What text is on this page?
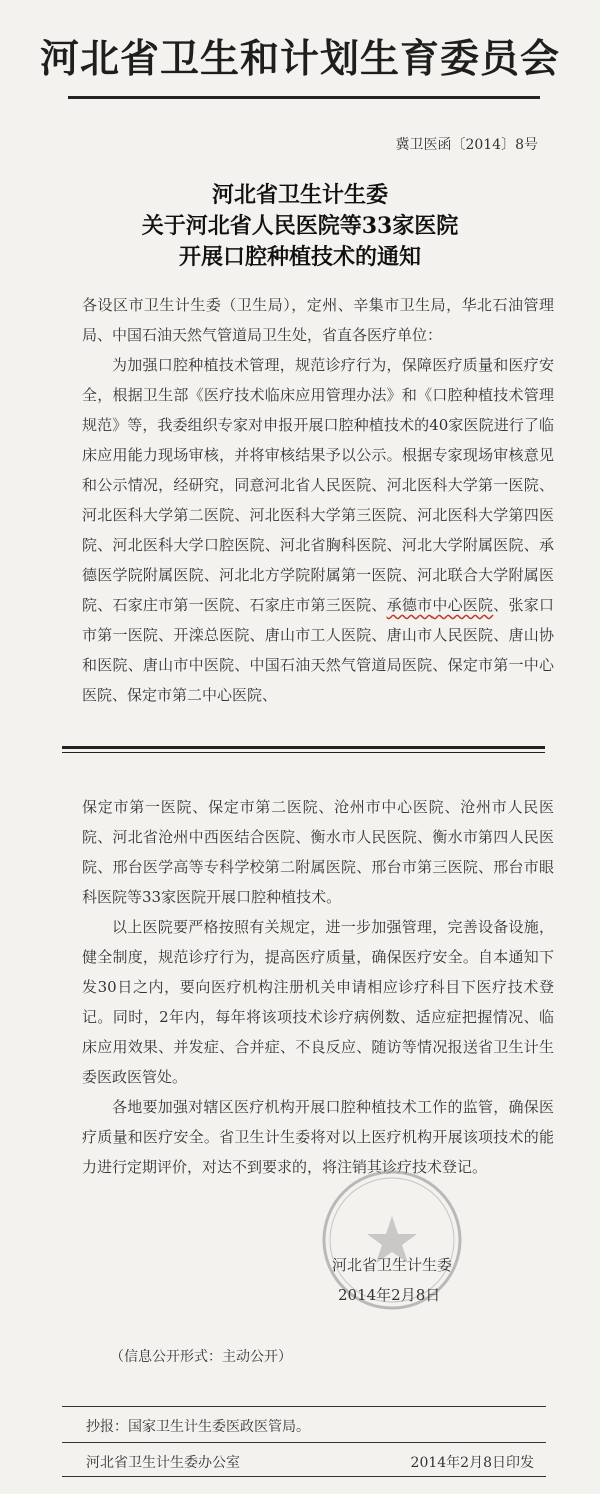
河北省卫生和计划生育委员会
冀卫医函〔2014〕8号
河北省卫生计生委
关于河北省人民医院等33家医院
开展口腔种植技术的通知

各设区市卫生计生委（卫生局），定州、辛集市卫生局，华北石油管理局、中国石油天然气管道局卫生处，省直各医疗单位：

为加强口腔种植技术管理，规范诊疗行为，保障医疗质量和医疗安全，根据卫生部《医疗技术临床应用管理办法》和《口腔种植技术管理规范》等，我委组织专家对申报开展口腔种植技术的40家医院进行了临床应用能力现场审核，并将审核结果予以公示。根据专家现场审核意见和公示情况，经研究，同意河北省人民医院、河北医科大学第一医院、河北医科大学第二医院、河北医科大学第三医院、河北医科大学第四医院、河北医科大学口腔医院、河北省胸科医院、河北大学附属医院、承德医学院附属医院、河北北方学院附属第一医院、河北联合大学附属医院、石家庄市第一医院、石家庄市第三医院、承德市中心医院、张家口市第一医院、开滦总医院、唐山市工人医院、唐山市人民医院、唐山协和医院、唐山市中医院、中国石油天然气管道局医院、保定市第一中心医院、保定市第二中心医院、

保定市第一医院、保定市第二医院、沧州市中心医院、沧州市人民医院、河北省沧州中西医结合医院、衡水市人民医院、衡水市第四人民医院、邢台医学高等专科学校第二附属医院、邢台市第三医院、邢台市眼科医院等33家医院开展口腔种植技术。

以上医院要严格按照有关规定，进一步加强管理，完善设备设施，健全制度，规范诊疗行为，提高医疗质量，确保医疗安全。自本通知下发30日之内，要向医疗机构注册机关申请相应诊疗科目下医疗技术登记。同时，2年内，每年将该项技术诊疗病例数、适应症把握情况、临床应用效果、并发症、合并症、不良反应、随访等情况报送省卫生计生委医政医管处。

各地要加强对辖区医疗机构开展口腔种植技术工作的监管，确保医疗质量和医疗安全。省卫生计生委将对以上医疗机构开展该项技术的能力进行定期评价，对达不到要求的，将注销其诊疗技术登记。

河北省卫生计生委
2014年2月8日
（信息公开形式：主动公开）
抄报：国家卫生计生委医政医管局。
河北省卫生计生委办公室	2014年2月8日印发
